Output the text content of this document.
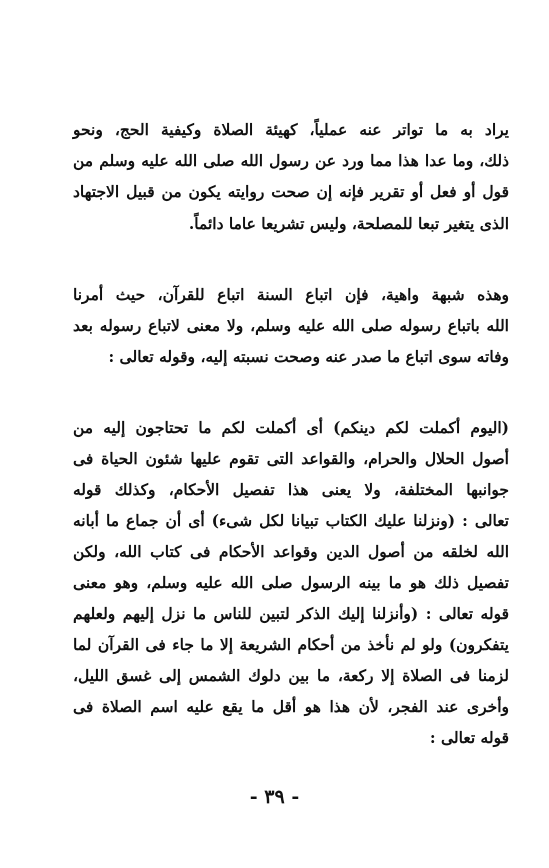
يراد به ما تواتر عنه عملياً، كهيئة الصلاة وكيفية الحج، ونحو
ذلك، وما عدا هذا مما ورد عن رسول الله صلى الله عليه وسلم من
قول أو فعل أو تقرير فإنه إن صحت روايته يكون من قبيل الاجتهاد
الذى يتغير تبعا للمصلحة، وليس تشريعا عاما دائماً.
وهذه شبهة واهية، فإن اتباع السنة اتباع للقرآن، حيث أمرنا
الله باتباع رسوله صلى الله عليه وسلم، ولا معنى لاتباع رسوله بعد
وفاته سوى اتباع ما صدر عنه وصحت نسبته إليه، وقوله تعالى :
(اليوم أكملت لكم دينكم) أى أكملت لكم ما تحتاجون إليه من
أصول الحلال والحرام، والقواعد التى تقوم عليها شئون الحياة فى
جوانبها المختلفة، ولا يعنى هذا تفصيل الأحكام، وكذلك قوله
تعالى : (ونزلنا عليك الكتاب تبيانا لكل شىء) أى أن جماع ما أبانه
الله لخلقه من أصول الدين وقواعد الأحكام فى كتاب الله، ولكن
تفصيل ذلك هو ما بينه الرسول صلى الله عليه وسلم، وهو معنى
قوله تعالى : (وأنزلنا إليك الذكر لتبين للناس ما نزل إليهم ولعلهم
يتفكرون) ولو لم نأخذ من أحكام الشريعة إلا ما جاء فى القرآن لما
لزمنا فى الصلاة إلا ركعة، ما بين دلوك الشمس إلى غسق الليل،
وأخرى عند الفجر، لأن هذا هو أقل ما يقع عليه اسم الصلاة فى
قوله تعالى :
- ٣٩ -
